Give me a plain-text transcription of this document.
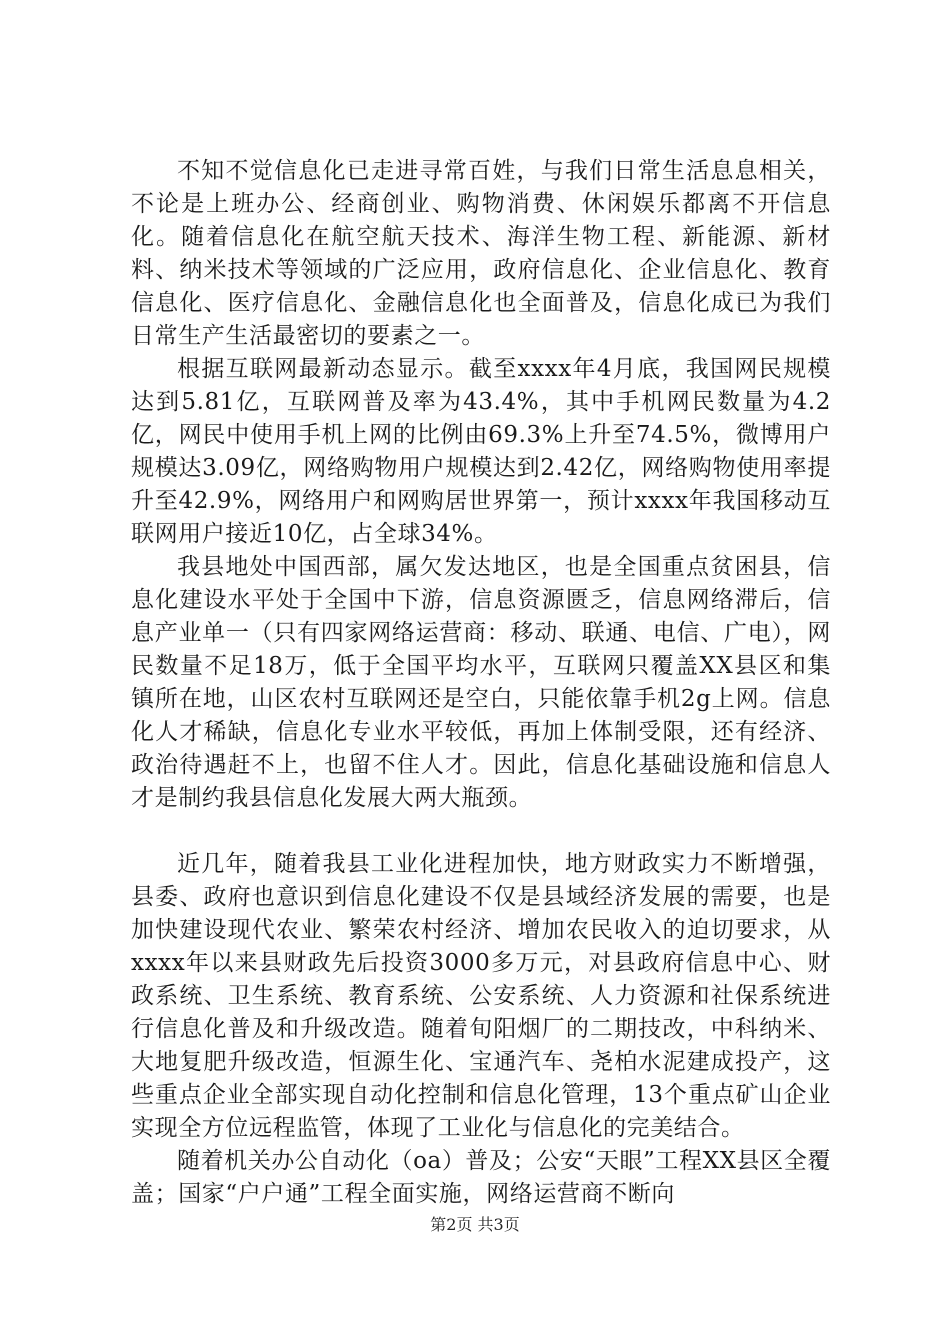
不知不觉信息化已走进寻常百姓，与我们日常生活息息相关，不论是上班办公、经商创业、购物消费、休闲娱乐都离不开信息化。随着信息化在航空航天技术、海洋生物工程、新能源、新材料、纳米技术等领域的广泛应用，政府信息化、企业信息化、教育信息化、医疗信息化、金融信息化也全面普及，信息化成已为我们日常生产生活最密切的要素之一。

根据互联网最新动态显示。截至xxxx年4月底，我国网民规模达到5.81亿，互联网普及率为43.4%，其中手机网民数量为4.2亿，网民中使用手机上网的比例由69.3%上升至74.5%，微博用户规模达3.09亿，网络购物用户规模达到2.42亿，网络购物使用率提升至42.9%，网络用户和网购居世界第一，预计xxxx年我国移动互联网用户接近10亿，占全球34%。

我县地处中国西部，属欠发达地区，也是全国重点贫困县，信息化建设水平处于全国中下游，信息资源匮乏，信息网络滞后，信息产业单一（只有四家网络运营商：移动、联通、电信、广电），网民数量不足18万，低于全国平均水平，互联网只覆盖XX县区和集镇所在地，山区农村互联网还是空白，只能依靠手机2g上网。信息化人才稀缺，信息化专业水平较低，再加上体制受限，还有经济、政治待遇赶不上，也留不住人才。因此，信息化基础设施和信息人才是制约我县信息化发展大两大瓶颈。

近几年，随着我县工业化进程加快，地方财政实力不断增强，县委、政府也意识到信息化建设不仅是县域经济发展的需要，也是加快建设现代农业、繁荣农村经济、增加农民收入的迫切要求，从xxxx年以来县财政先后投资3000多万元，对县政府信息中心、财政系统、卫生系统、教育系统、公安系统、人力资源和社保系统进行信息化普及和升级改造。随着旬阳烟厂的二期技改，中科纳米、大地复肥升级改造，恒源生化、宝通汽车、尧柏水泥建成投产，这些重点企业全部实现自动化控制和信息化管理，13个重点矿山企业实现全方位远程监管，体现了工业化与信息化的完美结合。

随着机关办公自动化（oa）普及；公安“天眼”工程XX县区全覆盖；国家“户户通”工程全面实施，网络运营商不断向

第2页 共3页
